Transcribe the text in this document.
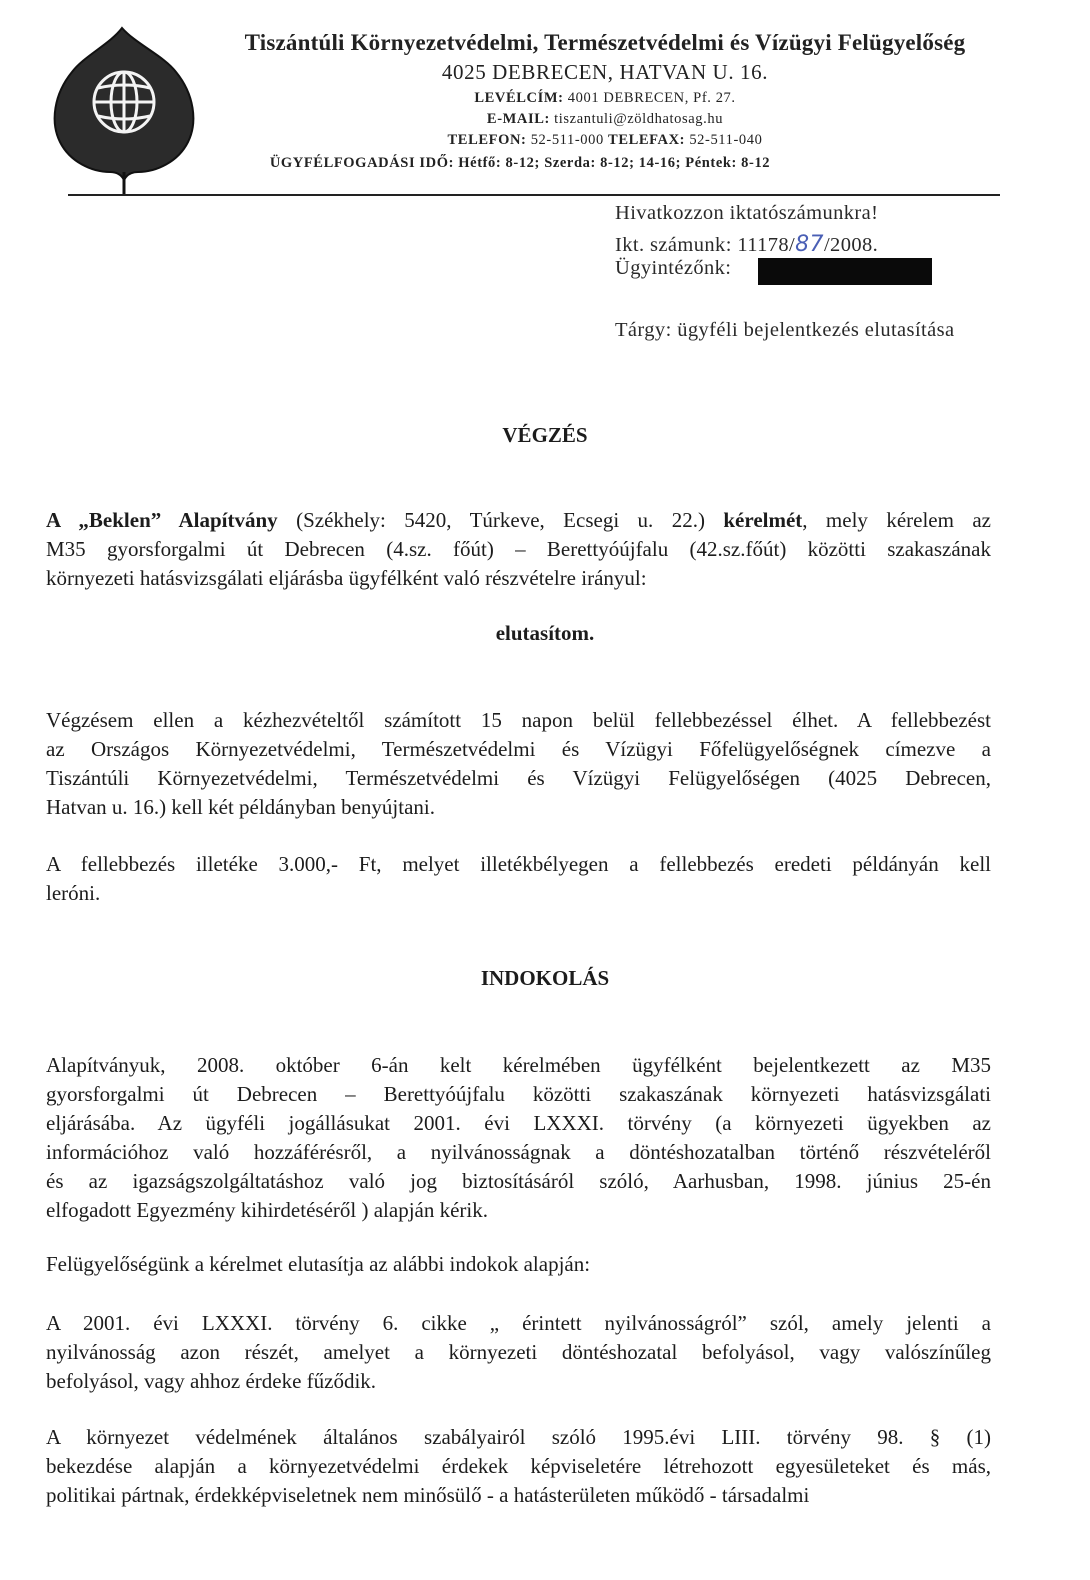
Tiszántúli Környezetvédelmi, Természetvédelmi és Vízügyi Felügyelőség
4025 DEBRECEN, HATVAN U. 16.
LEVÉLCÍM: 4001 DEBRECEN, Pf. 27.
E-MAIL: tiszantuli@zöldhatosag.hu
TELEFON: 52-511-000 TELEFAX: 52-511-040
ÜGYFÉLFOGADÁSI IDŐ: Hétfő: 8-12; Szerda: 8-12; 14-16; Péntek: 8-12
Hivatkozzon iktatószámunkra!
Ikt. számunk: 11178/87/2008.
Ügyintézőnk:
Tárgy: ügyféli bejelentkezés elutasítása
VÉGZÉS
A „Beklen” Alapítvány (Székhely: 5420, Túrkeve, Ecsegi u. 22.) kérelmét, mely kérelem az
M35 gyorsforgalmi út Debrecen (4.sz. főút) – Berettyóújfalu (42.sz.főút) közötti szakaszának
környezeti hatásvizsgálati eljárásba ügyfélként való részvételre irányul:
elutasítom.
Végzésem ellen a kézhezvételtől számított 15 napon belül fellebbezéssel élhet. A fellebbezést
az Országos Környezetvédelmi, Természetvédelmi és Vízügyi Főfelügyelőségnek címezve a
Tiszántúli Környezetvédelmi, Természetvédelmi és Vízügyi Felügyelőségen (4025 Debrecen,
Hatvan u. 16.) kell két példányban benyújtani.
A fellebbezés illetéke 3.000,- Ft, melyet illetékbélyegen a fellebbezés eredeti példányán kell
leróni.
INDOKOLÁS
Alapítványuk, 2008. október 6-án kelt kérelmében ügyfélként bejelentkezett az M35
gyorsforgalmi út Debrecen – Berettyóújfalu közötti szakaszának környezeti hatásvizsgálati
eljárásába. Az ügyféli jogállásukat 2001. évi LXXXI. törvény (a környezeti ügyekben az
információhoz való hozzáférésről, a nyilvánosságnak a döntéshozatalban történő részvételéről
és az igazságszolgáltatáshoz való jog biztosításáról szóló, Aarhusban, 1998. június 25-én
elfogadott Egyezmény kihirdetéséről ) alapján kérik.
Felügyelőségünk a kérelmet elutasítja az alábbi indokok alapján:
A 2001. évi LXXXI. törvény 6. cikke „ érintett nyilvánosságról” szól, amely jelenti a
nyilvánosság azon részét, amelyet a környezeti döntéshozatal befolyásol, vagy valószínűleg
befolyásol, vagy ahhoz érdeke fűződik.
A környezet védelmének általános szabályairól szóló 1995.évi LIII. törvény 98. § (1)
bekezdése alapján a környezetvédelmi érdekek képviseletére létrehozott egyesületeket és más,
politikai pártnak, érdekképviseletnek nem minősülő - a hatásterületen működő - társadalmi
